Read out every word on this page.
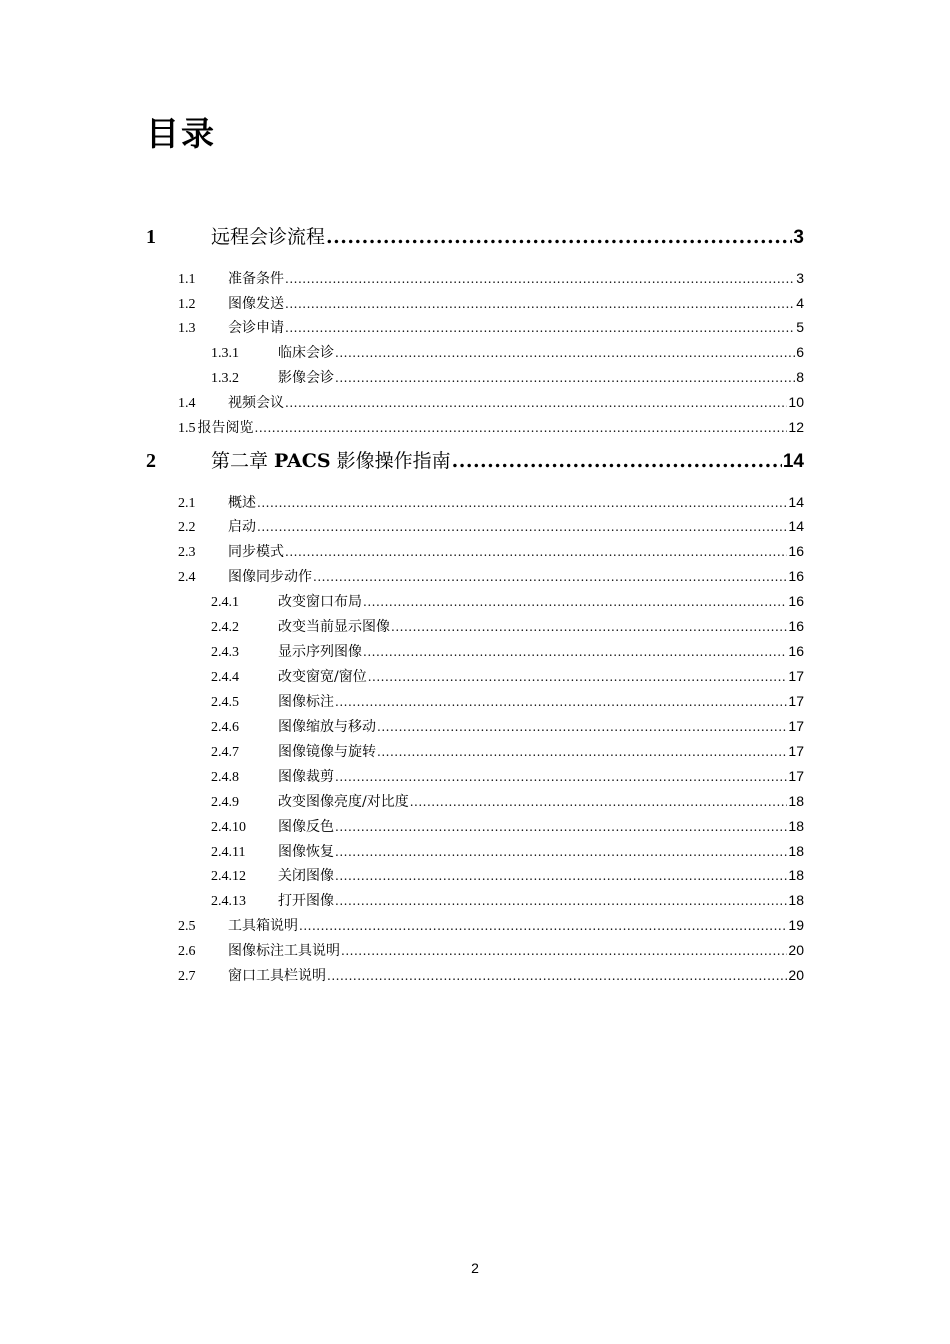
目录
1	远程会诊流程 .....	3
1.1	准备条件 .....	3
1.2	图像发送 .....	4
1.3	会诊申请 .....	5
1.3.1	临床会诊 .....	6
1.3.2	影像会诊 .....	8
1.4	视频会议 .....	10
1.5 报告阅览 .....	12
2	第二章 PACS 影像操作指南 .....	14
2.1	概述 .....	14
2.2	启动 .....	14
2.3	同步模式 .....	16
2.4	图像同步动作 .....	16
2.4.1	改变窗口布局 .....	16
2.4.2	改变当前显示图像 .....	16
2.4.3	显示序列图像 .....	16
2.4.4	改变窗宽/窗位 .....	17
2.4.5	图像标注 .....	17
2.4.6	图像缩放与移动 .....	17
2.4.7	图像镜像与旋转 .....	17
2.4.8	图像裁剪 .....	17
2.4.9	改变图像亮度/对比度 .....	18
2.4.10	图像反色 .....	18
2.4.11	图像恢复 .....	18
2.4.12	关闭图像 .....	18
2.4.13	打开图像 .....	18
2.5	工具箱说明 .....	19
2.6	图像标注工具说明 .....	20
2.7	窗口工具栏说明 .....	20
2
